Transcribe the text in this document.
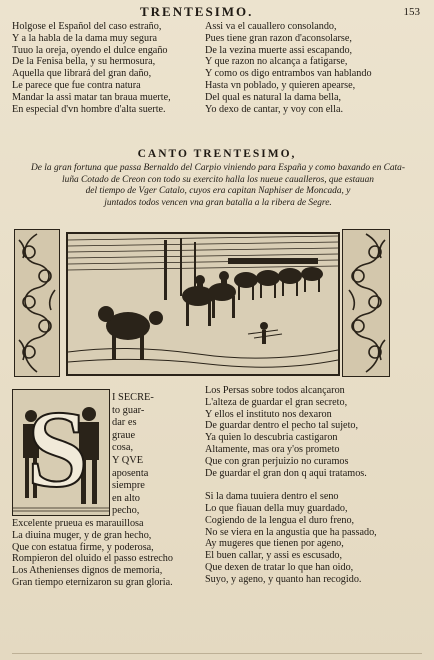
TRENTESIMO.	153
Holgose el Español del caso estraño,
Y a la habla de la dama muy segura
Tuuo la oreja, oyendo el dulce engaño
De la Fenisa bella, y su hermosura,
Aquella que librará del gran daño,
Le parece que fue contra natura
Mandar la assi matar tan braua muerte,
En especial d'vn hombre d'alta suerte.
Assi va el cauallero consolando,
Pues tiene gran razon d'aconsolarse,
De la vezina muerte assi escapando,
Y que razon no alcança a fatigarse,
Y como os digo entrambos van hablando
Hasta vn poblado, y quieren apearse,
Del qual es natural la dama bella,
Yo dexo de cantar, y voy con ella.
CANTO TRENTESIMO,
De la gran fortuna que passa Bernaldo del Carpio viniendo para España y como baxando en Cata-
luña Cotado de Creon con todo su exercito halla los nueue caualleros, que estauan
del tiempo de Vger Catalo, cuyos era capitan Naphiser de Moncada, y
juntados todos vencen vna gran batalla a la ribera de Segre.
S I SECRE-
to guar-
dar es
graue
cosa,
Y QVE
aposenta
siempre
en alto
pecho,
Excelente prueua es marauillosa
La diuina muger, y de gran hecho,
Que con estatua firme, y poderosa,
Rompieron del oluido el passo estrecho
Los Athenienses dignos de memoria,
Gran tiempo eternizaron su gran gloria.
Los Persas sobre todos alcançaron
L'alteza de guardar el gran secreto,
Y ellos el instituto nos dexaron
De guardar dentro el pecho tal sujeto,
Ya quien lo descubria castigaron
Altamente, mas ora y'os prometo
Que con gran perjuizio no curamos
De guardar el gran don q aqui tratamos.
Si la dama tuuiera dentro el seno
Lo que fiauan della muy guardado,
Cogiendo de la lengua el duro freno,
No se viera en la angustia que ha passado,
Ay mugeres que tienen por ageno,
El buen callar, y assi es escusado,
Que dexen de tratar lo que han oido,
Suyo, y ageno, y quanto han recogido.
